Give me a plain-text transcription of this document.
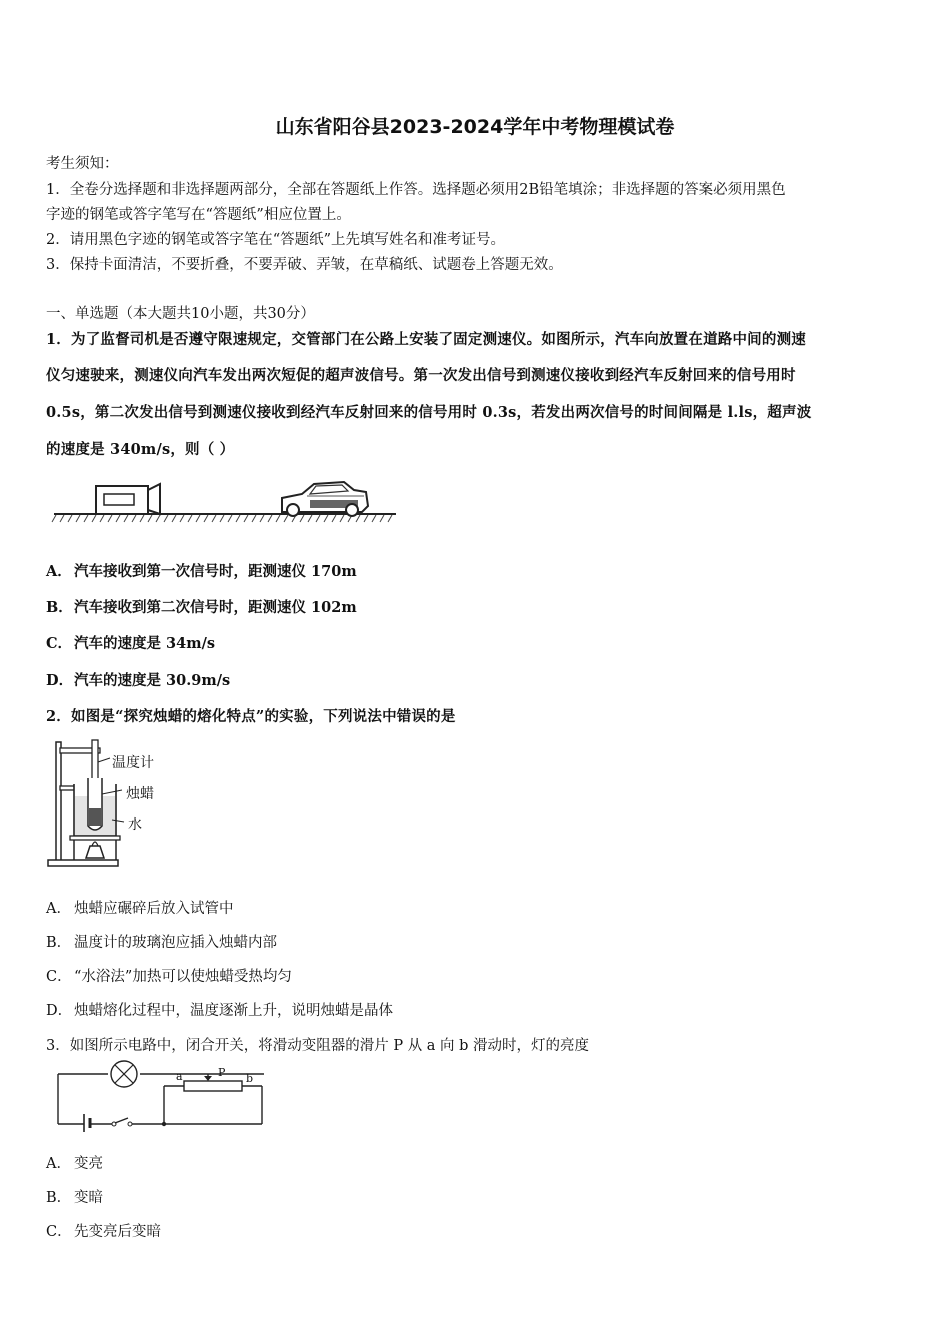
山东省阳谷县2023-2024学年中考物理模试卷
考生须知：
1．全卷分选择题和非选择题两部分，全部在答题纸上作答。选择题必须用2B铅笔填涂；非选择题的答案必须用黑色
字迹的钢笔或答字笔写在“答题纸”相应位置上。
2．请用黑色字迹的钢笔或答字笔在“答题纸”上先填写姓名和准考证号。
3．保持卡面清洁，不要折叠，不要弄破、弄皱，在草稿纸、试题卷上答题无效。
一、单选题（本大题共10小题，共30分）
1．为了监督司机是否遵守限速规定，交管部门在公路上安装了固定测速仪。如图所示，汽车向放置在道路中间的测速
仪匀速驶来，测速仪向汽车发出两次短促的超声波信号。第一次发出信号到测速仪接收到经汽车反射回来的信号用时
0.5s，第二次发出信号到测速仪接收到经汽车反射回来的信号用时 0.3s，若发出两次信号的时间间隔是 l.ls，超声波
的速度是 340m/s，则（ ）
A． 汽车接收到第一次信号时，距测速仪 170m
B．汽车接收到第二次信号时，距测速仪 102m
C． 汽车的速度是 34m/s
D．汽车的速度是 30.9m/s
2．如图是“探究烛蜡的熔化特点”的实验，下列说法中错误的是
温度计
烛蜡
水
A． 烛蜡应碾碎后放入试管中
B． 温度计的玻璃泡应插入烛蜡内部
C． “水浴法”加热可以使烛蜡受热均匀
D． 烛蜡熔化过程中，温度逐渐上升，说明烛蜡是晶体
3．如图所示电路中，闭合开关，将滑动变阻器的滑片 P 从 a 向 b 滑动时，灯的亮度
a	P b
A． 变亮
B． 变暗
C． 先变亮后变暗
